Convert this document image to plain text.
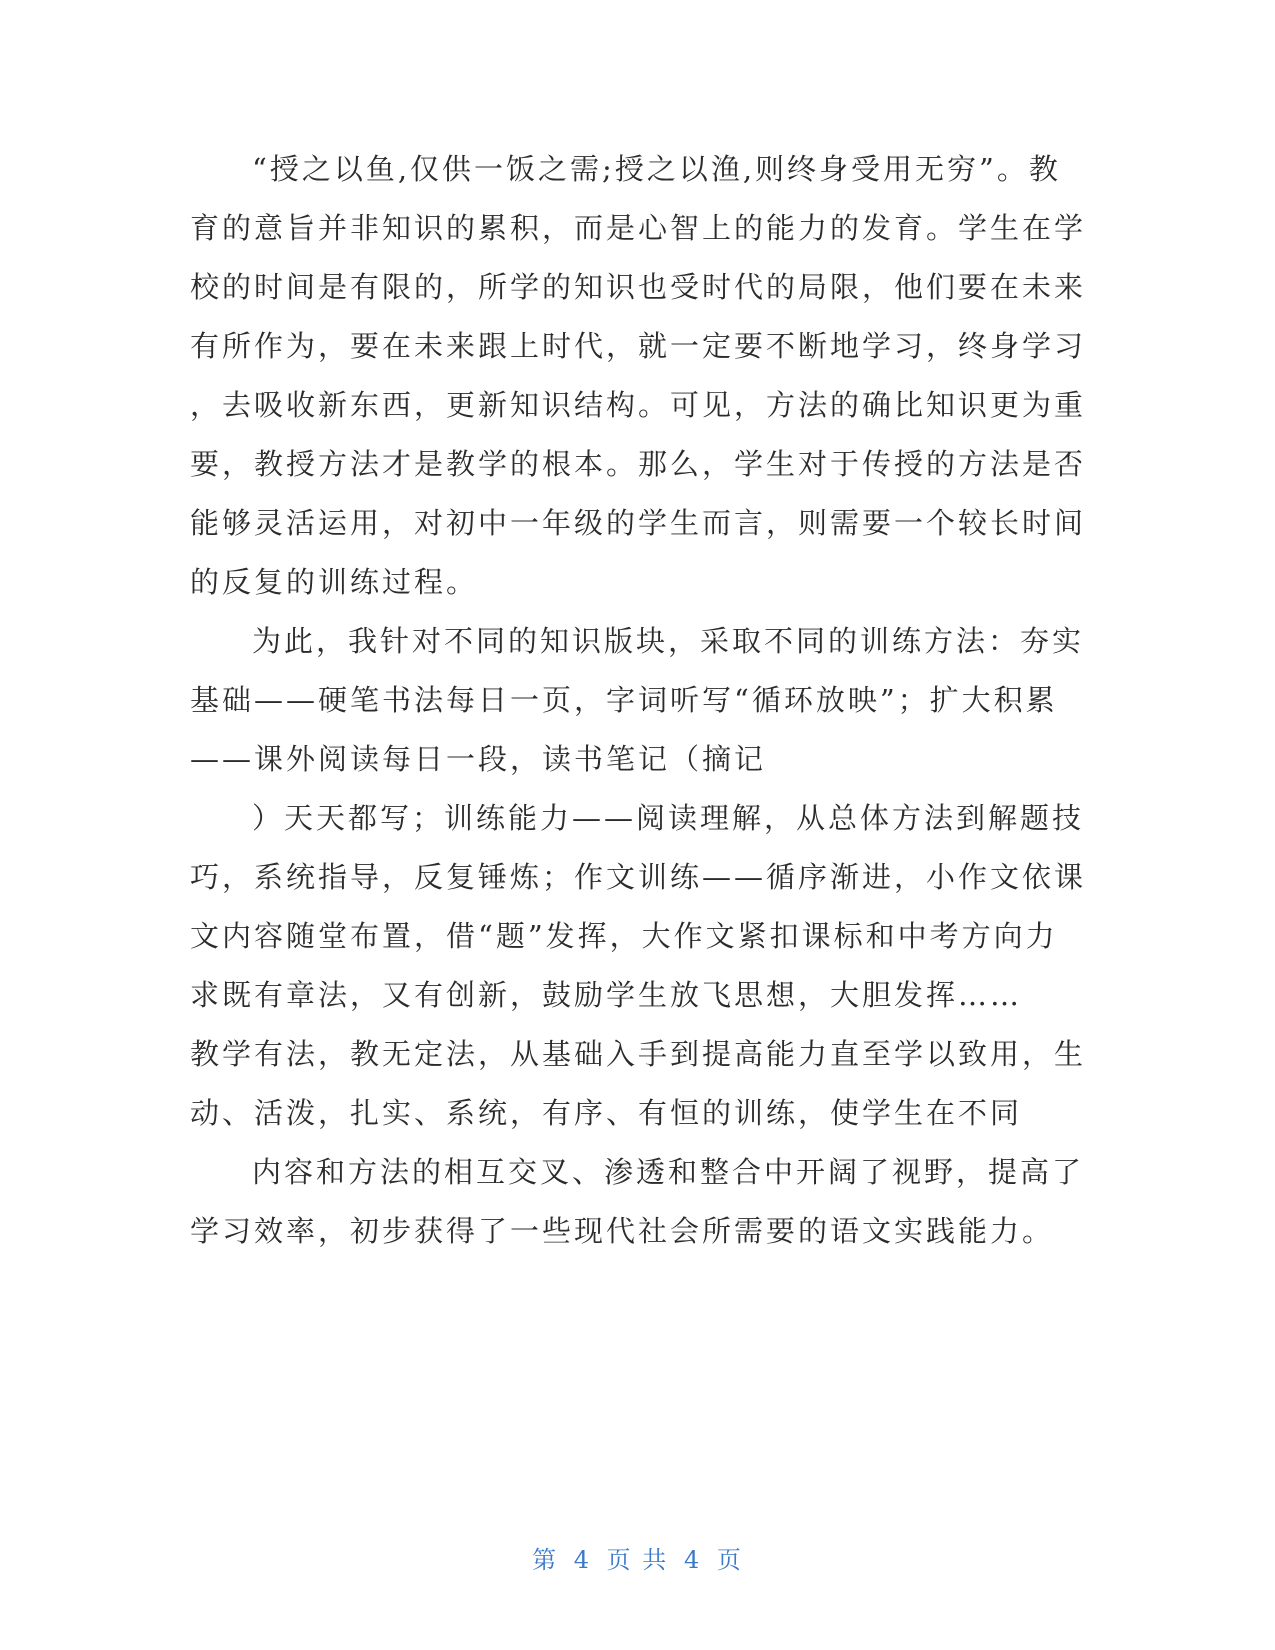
“授之以鱼,仅供一饭之需;授之以渔,则终身受用无穷”。教
育的意旨并非知识的累积，而是心智上的能力的发育。学生在学
校的时间是有限的，所学的知识也受时代的局限，他们要在未来
有所作为，要在未来跟上时代，就一定要不断地学习，终身学习
，去吸收新东西，更新知识结构。可见，方法的确比知识更为重
要，教授方法才是教学的根本。那么，学生对于传授的方法是否
能够灵活运用，对初中一年级的学生而言，则需要一个较长时间
的反复的训练过程。
为此，我针对不同的知识版块，采取不同的训练方法：夯实
基础——硬笔书法每日一页，字词听写“循环放映”；扩大积累
——课外阅读每日一段，读书笔记（摘记
）天天都写；训练能力——阅读理解，从总体方法到解题技
巧，系统指导，反复锤炼；作文训练——循序渐进，小作文依课
文内容随堂布置，借“题”发挥，大作文紧扣课标和中考方向力
求既有章法，又有创新，鼓励学生放飞思想，大胆发挥……
教学有法，教无定法，从基础入手到提高能力直至学以致用，生
动、活泼，扎实、系统，有序、有恒的训练，使学生在不同
内容和方法的相互交叉、渗透和整合中开阔了视野，提高了
学习效率，初步获得了一些现代社会所需要的语文实践能力。
第 4 页 共 4 页
